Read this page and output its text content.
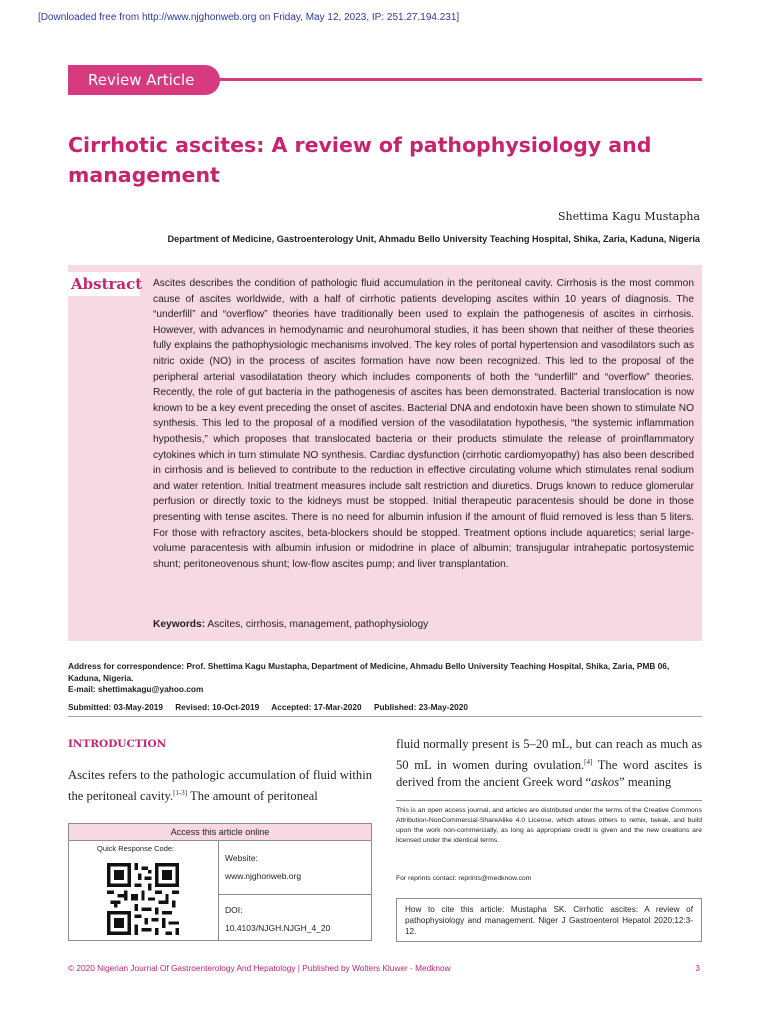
[Downloaded free from http://www.njghonweb.org on Friday, May 12, 2023, IP: 251.27.194.231]
Review Article
Cirrhotic ascites: A review of pathophysiology and management
Shettima Kagu Mustapha
Department of Medicine, Gastroenterology Unit, Ahmadu Bello University Teaching Hospital, Shika, Zaria, Kaduna, Nigeria
Abstract Ascites describes the condition of pathologic fluid accumulation in the peritoneal cavity. Cirrhosis is the most common cause of ascites worldwide, with a half of cirrhotic patients developing ascites within 10 years of diagnosis. The “underfill” and “overflow” theories have traditionally been used to explain the pathogenesis of ascites in cirrhosis. However, with advances in hemodynamic and neurohumoral studies, it has been shown that neither of these theories fully explains the pathophysiologic mechanisms involved. The key roles of portal hypertension and vasodilators such as nitric oxide (NO) in the process of ascites formation have now been recognized. This led to the proposal of the peripheral arterial vasodilatation theory which includes components of both the “underfill” and “overflow” theories. Recently, the role of gut bacteria in the pathogenesis of ascites has been demonstrated. Bacterial translocation is now known to be a key event preceding the onset of ascites. Bacterial DNA and endotoxin have been shown to stimulate NO synthesis. This led to the proposal of a modified version of the vasodilatation hypothesis, “the systemic inflammation hypothesis,” which proposes that translocated bacteria or their products stimulate the release of proinflammatory cytokines which in turn stimulate NO synthesis. Cardiac dysfunction (cirrhotic cardiomyopathy) has also been described in cirrhosis and is believed to contribute to the reduction in effective circulating volume which stimulates renal sodium and water retention. Initial treatment measures include salt restriction and diuretics. Drugs known to reduce glomerular perfusion or directly toxic to the kidneys must be stopped. Initial therapeutic paracentesis should be done in those presenting with tense ascites. There is no need for albumin infusion if the amount of fluid removed is less than 5 liters. For those with refractory ascites, beta-blockers should be stopped. Treatment options include aquaretics; serial large-volume paracentesis with albumin infusion or midodrine in place of albumin; transjugular intrahepatic portosystemic shunt; peritoneovenous shunt; low-flow ascites pump; and liver transplantation.

Keywords: Ascites, cirrhosis, management, pathophysiology
Address for correspondence: Prof. Shettima Kagu Mustapha, Department of Medicine, Ahmadu Bello University Teaching Hospital, Shika, Zaria, PMB 06, Kaduna, Nigeria.
E-mail: shettimakagu@yahoo.com
Submitted: 03-May-2019 Revised: 10-Oct-2019 Accepted: 17-Mar-2020 Published: 23-May-2020
INTRODUCTION

Ascites refers to the pathologic accumulation of fluid within the peritoneal cavity.[1-3] The amount of peritoneal

fluid normally present is 5–20 mL, but can reach as much as 50 mL in women during ovulation.[4] The word ascites is derived from the ancient Greek word “askos” meaning

Access this article online
Quick Response Code:
Website:
www.njghonweb.org
DOI:
10.4103/NJGH.NJGH_4_20

This is an open access journal, and articles are distributed under the terms of the Creative Commons Attribution-NonCommercial-ShareAlike 4.0 License, which allows others to remix, tweak, and build upon the work non-commercially, as long as appropriate credit is given and the new creations are licensed under the identical terms.

For reprints contact: reprints@medknow.com
How to cite this article: Mustapha SK. Cirrhotic ascites: A review of pathophysiology and management. Niger J Gastroenterol Hepatol 2020;12:3-12.
© 2020 Nigerian Journal Of Gastroenterology And Hepatology | Published by Wolters Kluwer - Medknow	3
